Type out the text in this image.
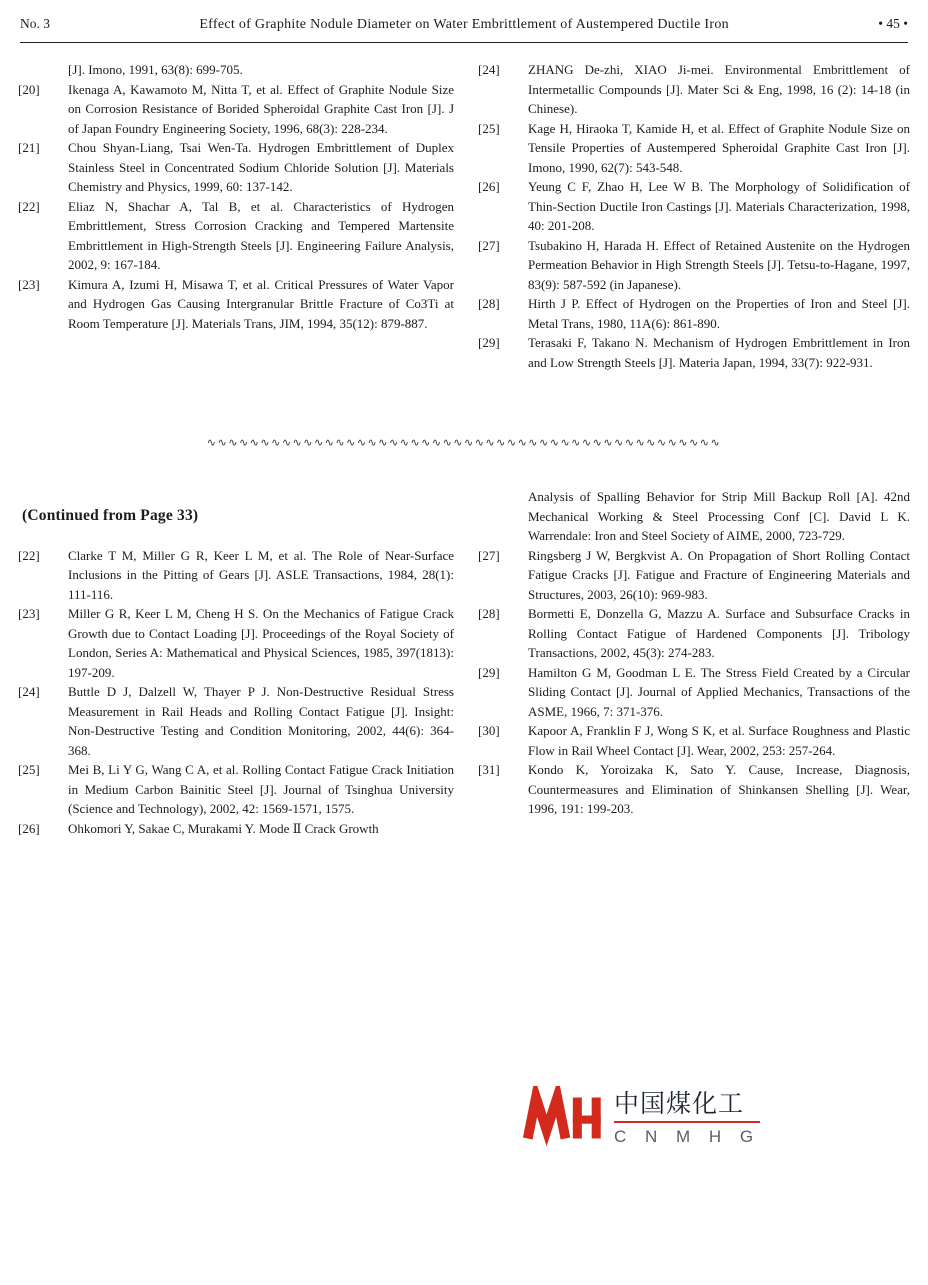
No. 3	Effect of Graphite Nodule Diameter on Water Embrittlement of Austempered Ductile Iron	• 45 •
[J]. Imono, 1991, 63(8): 699-705.
[20]	Ikenaga A, Kawamoto M, Nitta T, et al. Effect of Graphite Nodule Size on Corrosion Resistance of Borided Spheroidal Graphite Cast Iron [J]. J of Japan Foundry Engineering Society, 1996, 68(3): 228-234.
[21]	Chou Shyan-Liang, Tsai Wen-Ta. Hydrogen Embrittlement of Duplex Stainless Steel in Concentrated Sodium Chloride Solution [J]. Materials Chemistry and Physics, 1999, 60: 137-142.
[22]	Eliaz N, Shachar A, Tal B, et al. Characteristics of Hydrogen Embrittlement, Stress Corrosion Cracking and Tempered Martensite Embrittlement in High-Strength Steels [J]. Engineering Failure Analysis, 2002, 9: 167-184.
[23]	Kimura A, Izumi H, Misawa T, et al. Critical Pressures of Water Vapor and Hydrogen Gas Causing Intergranular Brittle Fracture of Co3Ti at Room Temperature [J]. Materials Trans, JIM, 1994, 35(12): 879-887.
[24]	ZHANG De-zhi, XIAO Ji-mei. Environmental Embrittlement of Intermetallic Compounds [J]. Mater Sci & Eng, 1998, 16 (2): 14-18 (in Chinese).
[25]	Kage H, Hiraoka T, Kamide H, et al. Effect of Graphite Nodule Size on Tensile Properties of Austempered Spheroidal Graphite Cast Iron [J]. Imono, 1990, 62(7): 543-548.
[26]	Yeung C F, Zhao H, Lee W B. The Morphology of Solidification of Thin-Section Ductile Iron Castings [J]. Materials Characterization, 1998, 40: 201-208.
[27]	Tsubakino H, Harada H. Effect of Retained Austenite on the Hydrogen Permeation Behavior in High Strength Steels [J]. Tetsu-to-Hagane, 1997, 83(9): 587-592 (in Japanese).
[28]	Hirth J P. Effect of Hydrogen on the Properties of Iron and Steel [J]. Metal Trans, 1980, 11A(6): 861-890.
[29]	Terasaki F, Takano N. Mechanism of Hydrogen Embrittlement in Iron and Low Strength Steels [J]. Materia Japan, 1994, 33(7): 922-931.
∿∿∿∿∿∿∿∿∿∿∿∿∿∿∿∿∿∿∿∿∿∿∿∿∿∿∿∿∿∿∿∿∿∿∿∿∿∿∿∿∿∿∿∿∿∿∿∿
(Continued from Page 33)
[22]	Clarke T M, Miller G R, Keer L M, et al. The Role of Near-Surface Inclusions in the Pitting of Gears [J]. ASLE Transactions, 1984, 28(1): 111-116.
[23]	Miller G R, Keer L M, Cheng H S. On the Mechanics of Fatigue Crack Growth due to Contact Loading [J]. Proceedings of the Royal Society of London, Series A: Mathematical and Physical Sciences, 1985, 397(1813): 197-209.
[24]	Buttle D J, Dalzell W, Thayer P J. Non-Destructive Residual Stress Measurement in Rail Heads and Rolling Contact Fatigue [J]. Insight: Non-Destructive Testing and Condition Monitoring, 2002, 44(6): 364-368.
[25]	Mei B, Li Y G, Wang C A, et al. Rolling Contact Fatigue Crack Initiation in Medium Carbon Bainitic Steel [J]. Journal of Tsinghua University (Science and Technology), 2002, 42: 1569-1571, 1575.
[26]	Ohkomori Y, Sakae C, Murakami Y. Mode Ⅱ Crack Growth
Analysis of Spalling Behavior for Strip Mill Backup Roll [A]. 42nd Mechanical Working & Steel Processing Conf [C]. David L K. Warrendale: Iron and Steel Society of AIME, 2000, 723-729.
[27]	Ringsberg J W, Bergkvist A. On Propagation of Short Rolling Contact Fatigue Cracks [J]. Fatigue and Fracture of Engineering Materials and Structures, 2003, 26(10): 969-983.
[28]	Bormetti E, Donzella G, Mazzu A. Surface and Subsurface Cracks in Rolling Contact Fatigue of Hardened Components [J]. Tribology Transactions, 2002, 45(3): 274-283.
[29]	Hamilton G M, Goodman L E. The Stress Field Created by a Circular Sliding Contact [J]. Journal of Applied Mechanics, Transactions of the ASME, 1966, 7: 371-376.
[30]	Kapoor A, Franklin F J, Wong S K, et al. Surface Roughness and Plastic Flow in Rail Wheel Contact [J]. Wear, 2002, 253: 257-264.
[31]	Kondo K, Yoroizaka K, Sato Y. Cause, Increase, Diagnosis, Countermeasures and Elimination of Shinkansen Shelling [J]. Wear, 1996, 191: 199-203.
中国煤化工
C N M H G
